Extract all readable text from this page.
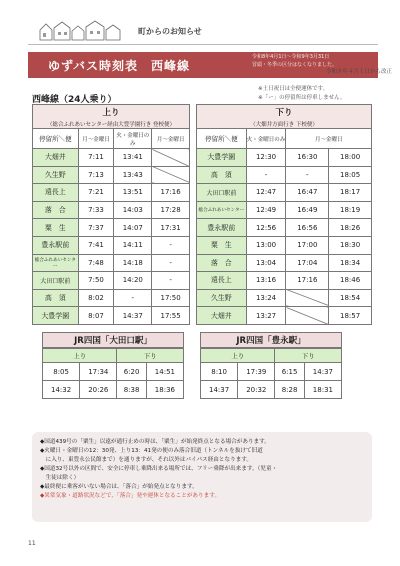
町からのお知らせ
ゆずバス時刻表　西峰線
令和8年4月1日～令和9年3月31日
冒頭・冬季の区分はなくなりました。
令和８年４月１日から改正
西峰線（24人乗り）
※土日祝日は全便運休です。
※「ー」の停留所は停車しません。
上り			
（総合ふれあいセンター経由大豊学園行き 登校便）			
停留所＼便	月～金曜日	火・金曜日のみ	月～金曜日
大畑井	7:11	13:41	
久生野	7:13	13:43	
遠長上	7:21	13:51	17:16
落　合	7:33	14:03	17:28
粟　生	7:37	14:07	17:31
豊永駅前	7:41	14:11	-
総合ふれあいセンター	7:48	14:18	-
大田口駅前	7:50	14:20	-
高　須	8:02	-	17:50
大豊学園	8:07	14:37	17:55
下り			
（大畑井方面行き 下校便）			
停留所＼便	火・金曜日のみ	月～金曜日	
大豊学園	12:30	16:30	18:00
高　須	-	-	18:05
大田口駅前	12:47	16:47	18:17
総合ふれあいセンター	12:49	16:49	18:19
豊永駅前	12:56	16:56	18:26
粟　生	13:00	17:00	18:30
落　合	13:04	17:04	18:34
遠長上	13:16	17:16	18:46
久生野	13:24		18:54
大畑井	13:27		18:57
JR四国「大田口駅」
上り		下り	
8:05	17:34	6:20	14:51
14:32	20:26	8:38	18:36
JR四国「豊永駅」
上り		下り	
8:10	17:39	6:15	14:37
14:37	20:32	8:28	18:31

◆国道439号の「粟生」以遠が通行止めの時は、「粟生」が始発終点となる場合があります。

◆火曜日・金曜日の12：30発、上り13：41発の便のみ落合旧道（トンネルを抜けて旧道

　に入り、東豊永公民館まで）を通りますが、それ以外はバイパス経由となります。

◆国道32号以外の区間で、安全に停車し乗降出来る場所では、フリー乗降が出来ます。（児童・

　生徒は除く）

◆最終便に乗客がいない場合は、「落合」が始発点となります。

◆異常気象・道路状況などで、「落合」発や運休となることがあります。

11
